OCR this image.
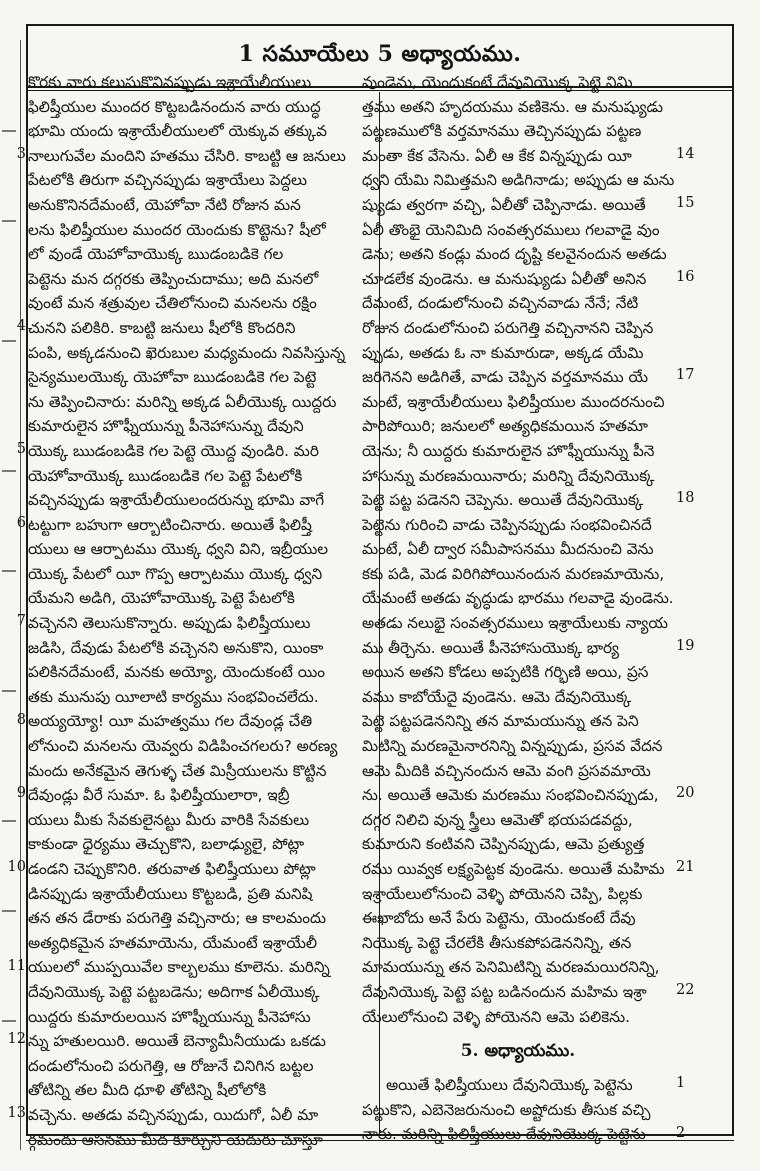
1 సమూయేలు 5 అధ్యాయము.
కొరకు వారు కలుసుకొనినప్పుడు ఇశ్రాయేలీయులు
ఫిలిష్తీయుల ముందర కొట్టబడినందున వారు యుద్ధ
భూమి యందు ఇశ్రాయేలీయులలో యెక్కువ తక్కువ
నాలుగువేల మందిని హతము చేసిరి. కాబట్టి ఆ జనులు
పేటలోకి తిరుగా వచ్చినప్పుడు ఇశ్రాయేలు పెద్దలు
అనుకొనినదేమంటే, యెహోవా నేటి రోజున మన
లను ఫిలిష్తీయుల ముందర యెందుకు కొట్టెను? షీలో
లో వుండే యెహోవాయొక్క ఋడంబడికె గల
పెట్టెను మన దగ్గరకు తెప్పించుదాము; అది మనలో
వుంటే మన శత్రువుల చేతిలోనుంచి మనలను రక్షిం
చునని పలికిరి. కాబట్టి జనులు షీలోకి కొందరిని
పంపి, అక్కడనుంచి ఖెరుబుల మధ్యమందు నివసిస్తున్న
సైన్యములయొక్క యెహోవా ఋడంబడికె గల పెట్టె
ను తెప్పించినారు: మరిన్ని అక్కడ ఏలీయొక్క యిద్దరు
కుమారులైన హొఫ్నీయున్ను పీనెహాసున్ను దేవుని
యొక్క ఋడంబడికె గల పెట్టె యొద్ద వుండిరి. మరి
యెహోవాయొక్క ఋడంబడికె గల పెట్టె పేటలోకి
వచ్చినప్పుడు ఇశ్రాయేలీయులందరున్ను భూమి వాగే
టట్టుగా బహుగా ఆర్బాటించినారు. అయితే ఫిలిష్తీ
యులు ఆ ఆర్పాటము యొక్క ధ్వని విని, ఇబ్రీయుల
యొక్క పేటలో యీ గొప్ప ఆర్పాటము యొక్క ధ్వని
యేమని అడిగి, యెహోవాయొక్క పెట్టె పేటలోకి
వచ్చెనని తెలుసుకొన్నారు. అప్పుడు ఫిలిష్తీయులు
జడిసి, దేవుడు పేటలోకి వచ్చెనని అనుకొని, యింకా
పలికినదేమంటే, మనకు అయ్యో, యెందుకంటే యిం
తకు మునుపు యీలాటి కార్యము సంభవించలేదు.
అయ్యయ్యో! యీ మహత్వము గల దేవుండ్ల చేతి
లోనుంచి మనలను యెవ్వరు విడిపించగలరు? అరణ్య
మందు అనేకమైన తెగుళ్ళ చేత మిస్రీయులను కొట్టిన
దేవుండ్లు వీరే సుమా. ఓ ఫిలిష్తీయులారా, ఇబ్రీ
యులు మీకు సేవకులైనట్టు మీరు వారికి సేవకులు
కాకుండా ధైర్యము తెచ్చుకొని, బలాఢ్యులై, పోట్లా
డండని చెప్పుకొనిరి. తరువాత ఫిలిష్తీయులు పోట్లా
డినప్పుడు ఇశ్రాయేలీయులు కొట్టబడి, ప్రతి మనిషి
తన తన డేరాకు పరుగెత్తి వచ్చినారు; ఆ కాలమందు
అత్యధికమైన హతమాయెను, యేమంటే ఇశ్రాయేలీ
యులలో ముప్పయివేల కాల్బలము కూలెను. మరిన్ని
దేవునియొక్క పెట్టె పట్టబడెను; అదిగాక ఏలీయొక్క
యిద్దరు కుమారులయిన హొఫ్నీయున్ను పీనెహాసు
న్ను హతులయిరి. అయితే బెన్యామీనీయుడు ఒకడు
దండులోనుంచి పరుగెత్తి, ఆ రోజునే చినిగిన బట్టల
తోటిన్ని తల మీది ధూళి తోటిన్ని షీలోలోకి
వచ్చెను. అతడు వచ్చినప్పుడు, యిదుగో, ఏలీ మా
ర్గమందు ఆసనము మీద కూర్చుని యెదురు చూస్తూ
వుండెను, యెందుకంటే దేవునియొక్క పెట్టె నిమి
త్తము అతని హృదయము వణికెను. ఆ మనుష్యుడు
పట్టణములోకి వర్తమానము తెచ్చినప్పుడు పట్టణ
మంతా కేక వేసెను. ఏలీ ఆ కేక విన్నప్పుడు యీ
ధ్వని యేమి నిమిత్తమని అడిగినాడు; అప్పుడు ఆ మను
ష్యుడు త్వరగా వచ్చి, ఏలీతో చెప్పినాడు. అయితే
ఏలీ తొంభై యెనిమిది సంవత్సరములు గలవాడై వుం
డెను; అతని కండ్లు మంద దృష్టి కలవైనందున అతడు
చూడలేక వుండెను. ఆ మనుష్యుడు ఏలీతో అనిన
దేమంటే, దండులోనుంచి వచ్చినవాడు నేనే; నేటి
రోజున దండులోనుంచి పరుగెత్తి వచ్చినానని చెప్పిన
ప్పుడు, అతడు ఓ నా కుమారుడా, అక్కడ యేమి
జరిగెనని అడిగితే, వాడు చెప్పిన వర్తమానము యే
మంటే, ఇశ్రాయేలీయులు ఫిలిష్తీయుల ముందరనుంచి
పారిపోయిరి; జనులలో అత్యధికమయిన హతమా
యెను; నీ యిద్దరు కుమారులైన హొఫ్నీయున్ను పీనె
హాసున్ను మరణమయినారు; మరిన్ని దేవునియొక్క
పెట్టె పట్ట పడెనని చెప్పెను. అయితే దేవునియొక్క
పెట్టెను గురించి వాడు చెప్పినప్పుడు సంభవించినదే
మంటే, ఏలీ ద్వార సమీపాసనము మీదనుంచి వెను
కకు పడి, మెడ విరిగిపోయినందున మరణమాయెను,
యేమంటే అతడు వృద్ధుడు భారము గలవాడై వుండెను.
అతడు నలుభై సంవత్సరములు ఇశ్రాయేలుకు న్యాయ
ము తీర్చెను. అయితే పీనెహాసుయొక్క భార్య
అయిన అతని కోడలు అప్పటికి గర్భిణి అయి, ప్రస
వము కాబోయేదై వుండెను. ఆమె దేవునియొక్క
పెట్టె పట్టపడెననిన్ని తన మామయున్ను తన పెని
మిటిన్ని మరణమైనారనిన్ని విన్నప్పుడు, ప్రసవ వేదన
ఆమె మీదికి వచ్చినందున ఆమె వంగి ప్రసవమాయె
ను. అయితే ఆమెకు మరణము సంభవించినప్పుడు,
దగ్గర నిలిచి వున్న స్త్రీలు ఆమెతో భయపడవద్దు,
కుమారుని కంటివని చెప్పినప్పుడు, ఆమె ప్రత్యుత్త
రము యివ్వక లక్ష్యపెట్టక వుండెను. అయితే మహిమ
ఇశ్రాయేలులోనుంచి వెళ్ళి పోయెనని చెప్పి, పిల్లకు
ఈఖాబోదు అనే పేరు పెట్టెను, యెందుకంటే దేవు
నియొక్క పెట్టె చేరలేకి తీసుకపోపడెననిన్ని, తన
మామయున్ను తన పెనిమిటిన్ని మరణమయిరనిన్ని,
దేవునియొక్క పెట్టె పట్ట బడినందున మహిమ ఇశ్రా
యేలులోనుంచి వెళ్ళి పోయెనని ఆమె పలికెను.
5. అధ్యాయము.
అయితే ఫిలిష్తీయులు దేవునియొక్క పెట్టెను
పట్టుకొని, ఎబెనెజరునుంచి అష్టోదుకు తీసుక వచ్చి
నారు. మరిన్ని ఫిలిష్తీయులు దేవునియొక్క పెట్టెను
3
4
5
6
7
8
9
10
11
12
13
14
15
16
17
18
19
20
21
22
1
2
